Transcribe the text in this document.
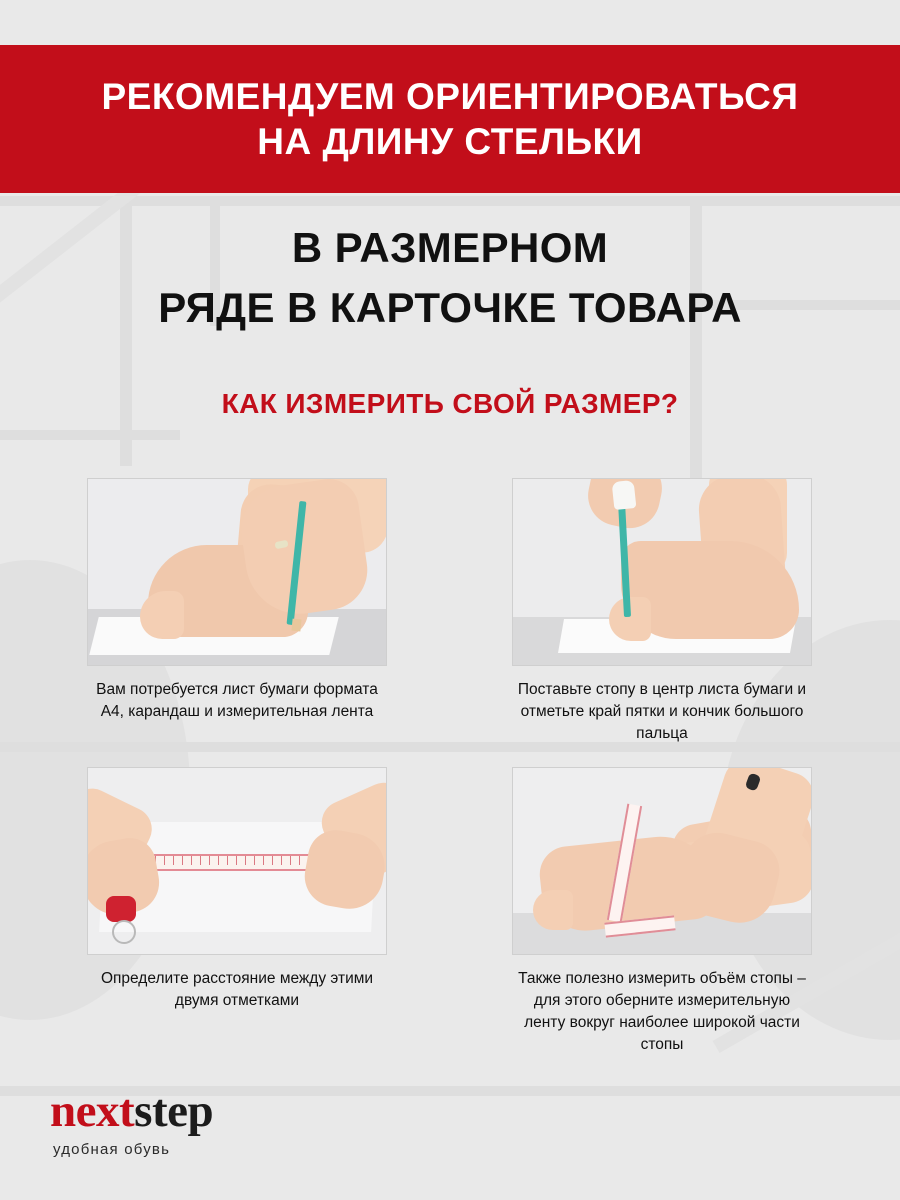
РЕКОМЕНДУЕМ ОРИЕНТИРОВАТЬСЯ
НА ДЛИНУ СТЕЛЬКИ
В РАЗМЕРНОМ
РЯДЕ В КАРТОЧКЕ ТОВАРА
КАК ИЗМЕРИТЬ СВОЙ РАЗМЕР?
Вам потребуется лист бумаги формата А4, карандаш и измерительная лента
Поставьте стопу в центр листа бумаги и отметьте край пятки и кончик большого пальца
Определите расстояние между этими двумя отметками
Также полезно измерить объём стопы – для этого оберните измерительную ленту вокруг наиболее широкой части стопы
nextstep
удобная обувь
